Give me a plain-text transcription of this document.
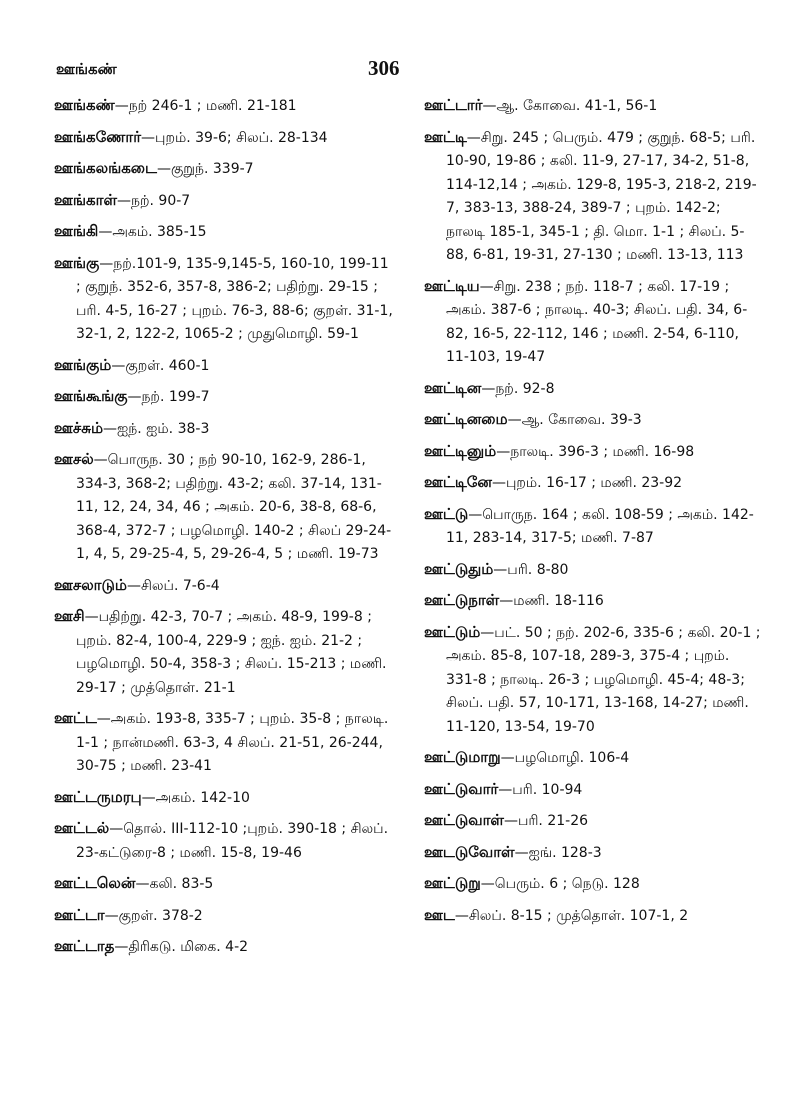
ஊங்கண்	306
ஊங்கண்—நற் 246-1 ; மணி. 21-181
ஊங்கணோர்—புறம். 39-6; சிலப். 28-134
ஊங்கலங்கடை—குறுந். 339-7
ஊங்காள்—நற். 90-7
ஊங்கி—அகம். 385-15
ஊங்கு—நற்.101-9, 135-9,145-5, 160-10, 199-11 ; குறுந். 352-6, 357-8, 386-2; பதிற்று. 29-15 ; பரி. 4-5, 16-27 ; புறம். 76-3, 88-6; குறள். 31-1, 32-1, 2, 122-2, 1065-2 ; முதுமொழி. 59-1
ஊங்கும்—குறள். 460-1
ஊங்கூங்கு—நற். 199-7
ஊச்சும்—ஐந். ஐம். 38-3
ஊசல்—பொருந. 30 ; நற் 90-10, 162-9, 286-1, 334-3, 368-2; பதிற்று. 43-2; கலி. 37-14, 131-11, 12, 24, 34, 46 ; அகம். 20-6, 38-8, 68-6, 368-4, 372-7 ; பழமொழி. 140-2 ; சிலப் 29-24-1, 4, 5, 29-25-4, 5, 29-26-4, 5 ; மணி. 19-73
ஊசலாடும்—சிலப். 7-6-4
ஊசி—பதிற்று. 42-3, 70-7 ; அகம். 48-9, 199-8 ; புறம். 82-4, 100-4, 229-9 ; ஐந். ஐம். 21-2 ; பழமொழி. 50-4, 358-3 ; சிலப். 15-213 ; மணி. 29-17 ; முத்தொள். 21-1
ஊட்ட—அகம். 193-8, 335-7 ; புறம். 35-8 ; நாலடி. 1-1 ; நான்மணி. 63-3, 4 சிலப். 21-51, 26-244, 30-75 ; மணி. 23-41
ஊட்டருமரபு—அகம். 142-10
ஊட்டல்—தொல். III-112-10 ;புறம். 390-18 ; சிலப். 23-கட்டுரை-8 ; மணி. 15-8, 19-46
ஊட்டலென்—கலி. 83-5
ஊட்டா—குறள். 378-2
ஊட்டாத—திரிகடு. மிகை. 4-2
ஊட்டார்—ஆ. கோவை. 41-1, 56-1
ஊட்டி—சிறு. 245 ; பெரும். 479 ; குறுந். 68-5; பரி. 10-90, 19-86 ; கலி. 11-9, 27-17, 34-2, 51-8, 114-12,14 ; அகம். 129-8, 195-3, 218-2, 219-7, 383-13, 388-24, 389-7 ; புறம். 142-2; நாலடி 185-1, 345-1 ; தி. மொ. 1-1 ; சிலப். 5-88, 6-81, 19-31, 27-130 ; மணி. 13-13, 113
ஊட்டிய—சிறு. 238 ; நற். 118-7 ; கலி. 17-19 ; அகம். 387-6 ; நாலடி. 40-3; சிலப். பதி. 34, 6-82, 16-5, 22-112, 146 ; மணி. 2-54, 6-110, 11-103, 19-47
ஊட்டின—நற். 92-8
ஊட்டினமை—ஆ. கோவை. 39-3
ஊட்டினும்—நாலடி. 396-3 ; மணி. 16-98
ஊட்டினே—புறம். 16-17 ; மணி. 23-92
ஊட்டு—பொருந. 164 ; கலி. 108-59 ; அகம். 142-11, 283-14, 317-5; மணி. 7-87
ஊட்டுதும்—பரி. 8-80
ஊட்டுநாள்—மணி. 18-116
ஊட்டும்—பட். 50 ; நற். 202-6, 335-6 ; கலி. 20-1 ; அகம். 85-8, 107-18, 289-3, 375-4 ; புறம். 331-8 ; நாலடி. 26-3 ; பழமொழி. 45-4; 48-3; சிலப். பதி. 57, 10-171, 13-168, 14-27; மணி. 11-120, 13-54, 19-70
ஊட்டுமாறு—பழமொழி. 106-4
ஊட்டுவார்—பரி. 10-94
ஊட்டுவாள்—பரி. 21-26
ஊடடுவோள்—ஐங். 128-3
ஊட்டுறு—பெரும். 6 ; நெடு. 128
ஊட—சிலப். 8-15 ; முத்தொள். 107-1, 2
